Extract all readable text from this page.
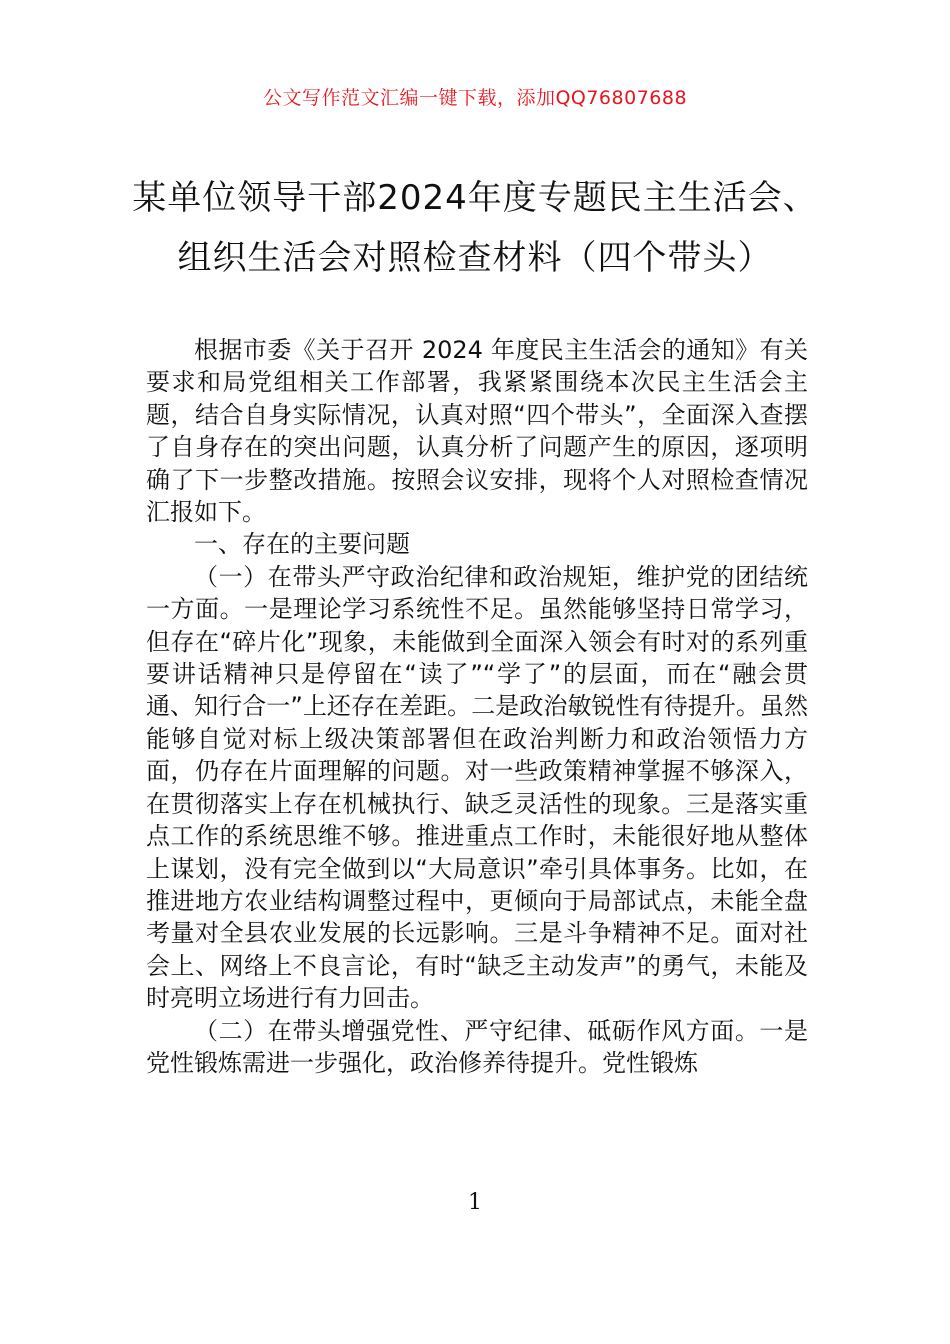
公文写作范文汇编一键下载，添加QQ76807688
某单位领导干部2024年度专题民主生活会、
组织生活会对照检查材料（四个带头）

根据市委《关于召开 2024 年度民主生活会的通知》有关要求和局党组相关工作部署，我紧紧围绕本次民主生活会主题，结合自身实际情况，认真对照“四个带头”，全面深入查摆了自身存在的突出问题，认真分析了问题产生的原因，逐项明确了下一步整改措施。按照会议安排，现将个人对照检查情况汇报如下。

一、存在的主要问题

（一）在带头严守政治纪律和政治规矩，维护党的团结统一方面。一是理论学习系统性不足。虽然能够坚持日常学习，但存在“碎片化”现象，未能做到全面深入领会有时对的系列重要讲话精神只是停留在“读了”“学了”的层面，而在“融会贯通、知行合一”上还存在差距。二是政治敏锐性有待提升。虽然能够自觉对标上级决策部署但在政治判断力和政治领悟力方面，仍存在片面理解的问题。对一些政策精神掌握不够深入，在贯彻落实上存在机械执行、缺乏灵活性的现象。三是落实重点工作的系统思维不够。推进重点工作时，未能很好地从整体上谋划，没有完全做到以“大局意识”牵引具体事务。比如，在推进地方农业结构调整过程中，更倾向于局部试点，未能全盘考量对全县农业发展的长远影响。三是斗争精神不足。面对社会上、网络上不良言论，有时“缺乏主动发声”的勇气，未能及时亮明立场进行有力回击。

（二）在带头增强党性、严守纪律、砥砺作风方面。一是党性锻炼需进一步强化，政治修养待提升。党性锻炼

1
